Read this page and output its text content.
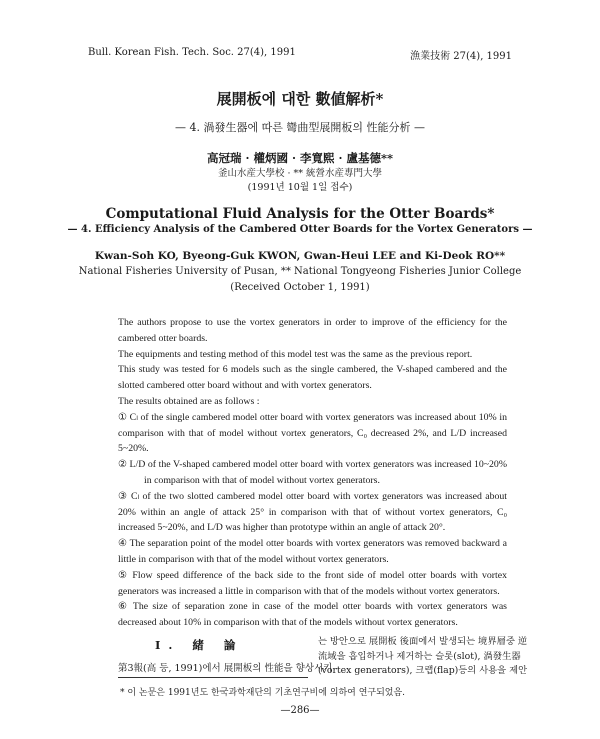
Bull. Korean Fish. Tech. Soc. 27(4), 1991	漁業技術 27(4), 1991
展開板에 대한 數値解析*
— 4. 渦發生器에 따른 彎曲型展開板의 性能分析 —
高冠瑞 · 權炳國 · 李寬熙 · 盧基德**
釜山水産大學校 · ** 統營水産專門大學
(1991년 10월 1일 접수)
Computational Fluid Analysis for the Otter Boards*
— 4. Efficiency Analysis of the Cambered Otter Boards for the Vortex Generators —
Kwan-Soh KO, Byeong-Guk KWON, Gwan-Heui LEE and Ki-Deok RO**
National Fisheries University of Pusan, ** National Tongyeong Fisheries Junior College
(Received October 1, 1991)

The authors propose to use the vortex generators in order to improve of the efficiency for the cambered otter boards.

The equipments and testing method of this model test was the same as the previous report.

This study was tested for 6 models such as the single cambered, the V-shaped cambered and the slotted cambered otter board without and with vortex generators.

The results obtained are as follows :

① Cₗ of the single cambered model otter board with vortex generators was increased about 10% in comparison with that of model without vortex generators, C₀ decreased 2%, and L/D increased 5~20%.

② L/D of the V-shaped cambered model otter board with vortex generators was increased 10~20% in comparison with that of model without vortex generators.

③ Cₗ of the two slotted cambered model otter board with vortex generators was increased about 20% within an angle of attack 25° in comparison with that of without vortex generators, C₀ increased 5~20%, and L/D was higher than prototype within an angle of attack 20°.

④ The separation point of the model otter boards with vortex generators was removed backward a little in comparison with that of the model without vortex generators.

⑤ Flow speed difference of the back side to the front side of model otter boards with vortex generators was increased a little in comparison with that of the models without vortex generators.

⑥ The size of separation zone in case of the model otter boards with vortex generators was decreased about 10% in comparison with that of the models without vortex generators.

I. 緒 論
第3報(高 등, 1991)에서 展開板의 性能을 향상시키
는 방안으로 展開板 後面에서 발생되는 境界層중 逆
流域을 흡입하거나 제거하는 슬롯(slot), 渦發生器
(vortex generators), 크랩(flap)등의 사용을 제안
* 이 논문은 1991년도 한국과학재단의 기초연구비에 의하여 연구되었음.
—286—
